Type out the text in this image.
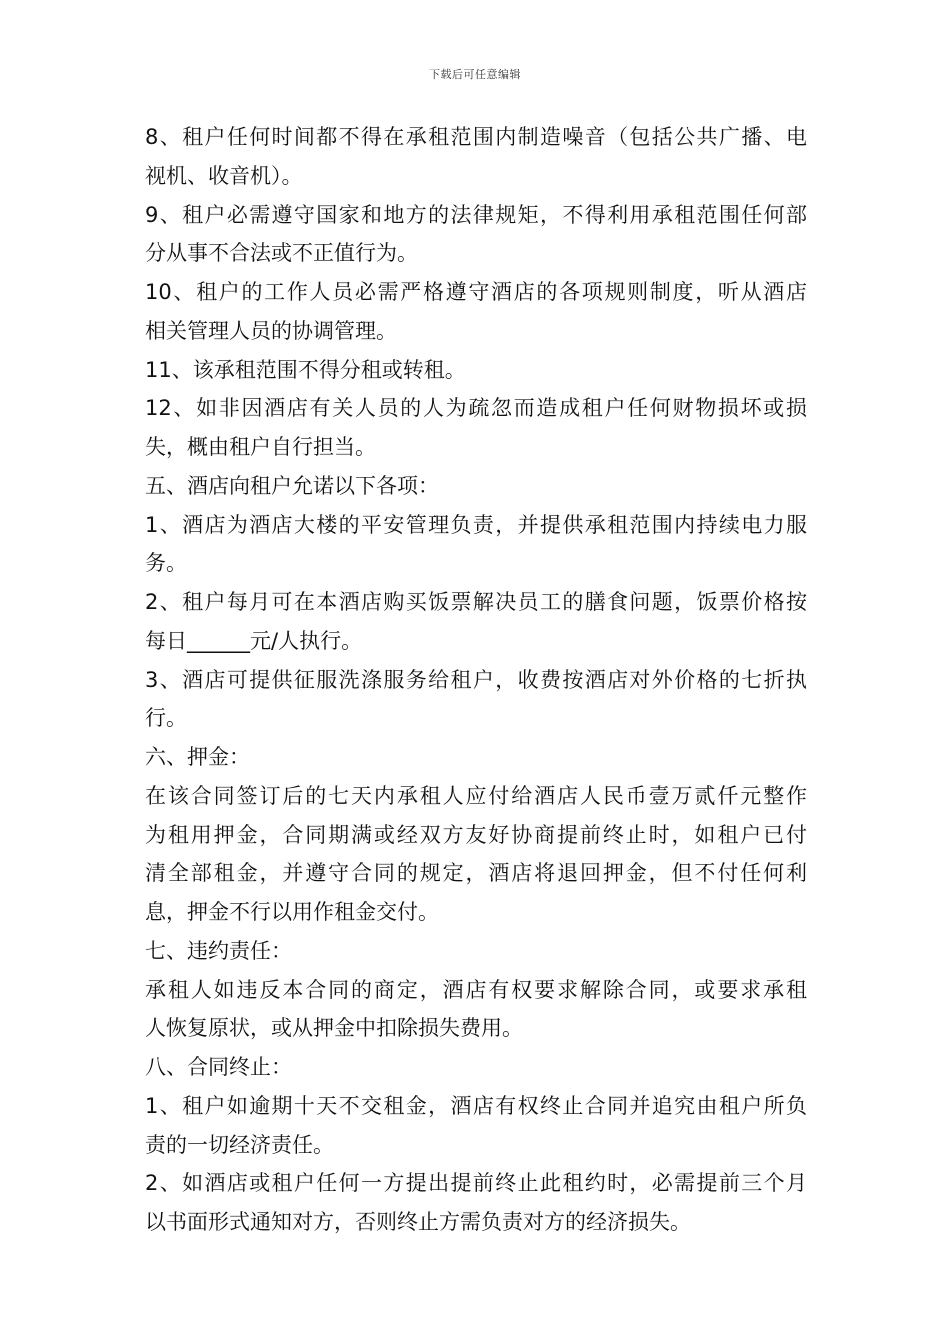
下载后可任意编辑
8、租户任何时间都不得在承租范围内制造噪音（包括公共广播、电
视机、收音机）。
9、租户必需遵守国家和地方的法律规矩，不得利用承租范围任何部
分从事不合法或不正值行为。
10、租户的工作人员必需严格遵守酒店的各项规则制度，听从酒店
相关管理人员的协调管理。
11、该承租范围不得分租或转租。
12、如非因酒店有关人员的人为疏忽而造成租户任何财物损坏或损
失，概由租户自行担当。
五、酒店向租户允诺以下各项：
1、酒店为酒店大楼的平安管理负责，并提供承租范围内持续电力服
务。
2、租户每月可在本酒店购买饭票解决员工的膳食问题，饭票价格按
每日______元/人执行。
3、酒店可提供征服洗涤服务给租户，收费按酒店对外价格的七折执
行。
六、押金：
在该合同签订后的七天内承租人应付给酒店人民币壹万贰仟元整作
为租用押金，合同期满或经双方友好协商提前终止时，如租户已付
清全部租金，并遵守合同的规定，酒店将退回押金，但不付任何利
息，押金不行以用作租金交付。
七、违约责任：
承租人如违反本合同的商定，酒店有权要求解除合同，或要求承租
人恢复原状，或从押金中扣除损失费用。
八、合同终止：
1、租户如逾期十天不交租金，酒店有权终止合同并追究由租户所负
责的一切经济责任。
2、如酒店或租户任何一方提出提前终止此租约时，必需提前三个月
以书面形式通知对方，否则终止方需负责对方的经济损失。
